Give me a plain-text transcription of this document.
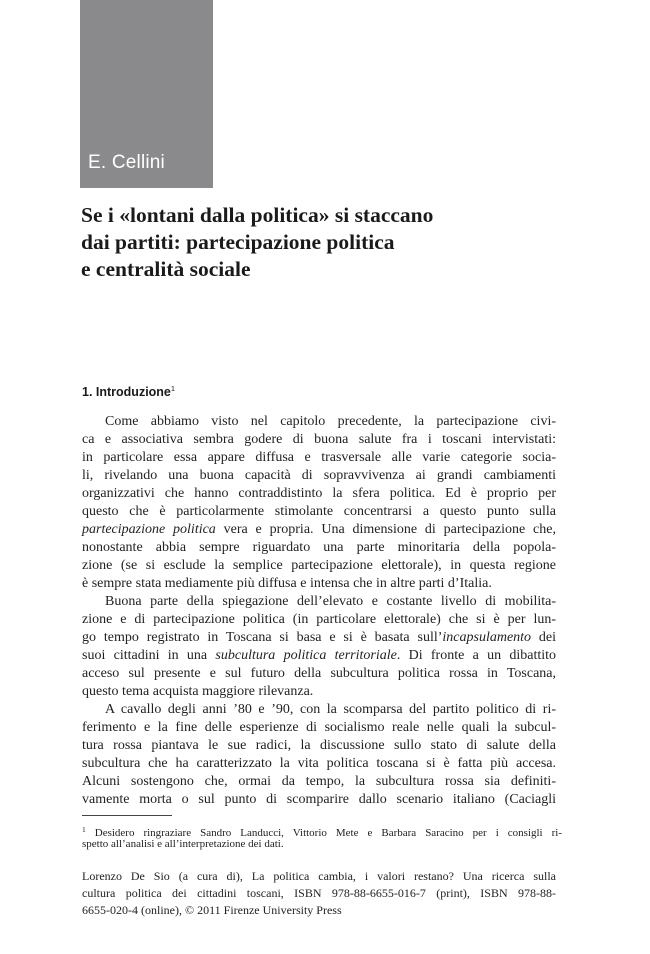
E. Cellini

Se i «lontani dalla politica» si staccano
dai partiti: partecipazione politica
e centralità sociale
1. Introduzione$^1$
Come abbiamo visto nel capitolo precedente, la partecipazione civi-
ca e associativa sembra godere di buona salute fra i toscani intervistati:
in particolare essa appare diffusa e trasversale alle varie categorie socia-
li, rivelando una buona capacità di sopravvivenza ai grandi cambiamenti
organizzativi che hanno contraddistinto la sfera politica. Ed è proprio per
questo che è particolarmente stimolante concentrarsi a questo punto sulla
partecipazione politica vera e propria. Una dimensione di partecipazione che,
nonostante abbia sempre riguardato una parte minoritaria della popola-
zione (se si esclude la semplice partecipazione elettorale), in questa regione
è sempre stata mediamente più diffusa e intensa che in altre parti d’Italia.
Buona parte della spiegazione dell’elevato e costante livello di mobilita-
zione e di partecipazione politica (in particolare elettorale) che si è per lun-
go tempo registrato in Toscana si basa e si è basata sull’incapsulamento dei
suoi cittadini in una subcultura politica territoriale. Di fronte a un dibattito
acceso sul presente e sul futuro della subcultura politica rossa in Toscana,
questo tema acquista maggiore rilevanza.
A cavallo degli anni ’80 e ’90, con la scomparsa del partito politico di ri-
ferimento e la fine delle esperienze di socialismo reale nelle quali la subcul-
tura rossa piantava le sue radici, la discussione sullo stato di salute della
subcultura che ha caratterizzato la vita politica toscana si è fatta più accesa.
Alcuni sostengono che, ormai da tempo, la subcultura rossa sia definiti-
vamente morta o sul punto di scomparire dallo scenario italiano (Caciagli
$^1$ Desidero ringraziare Sandro Landucci, Vittorio Mete e Barbara Saracino per i consigli ri-
spetto all’analisi e all’interpretazione dei dati.
Lorenzo De Sio (a cura di), La politica cambia, i valori restano? Una ricerca sulla
cultura politica dei cittadini toscani, ISBN 978-88-6655-016-7 (print), ISBN 978-88-
6655-020-4 (online), © 2011 Firenze University Press
